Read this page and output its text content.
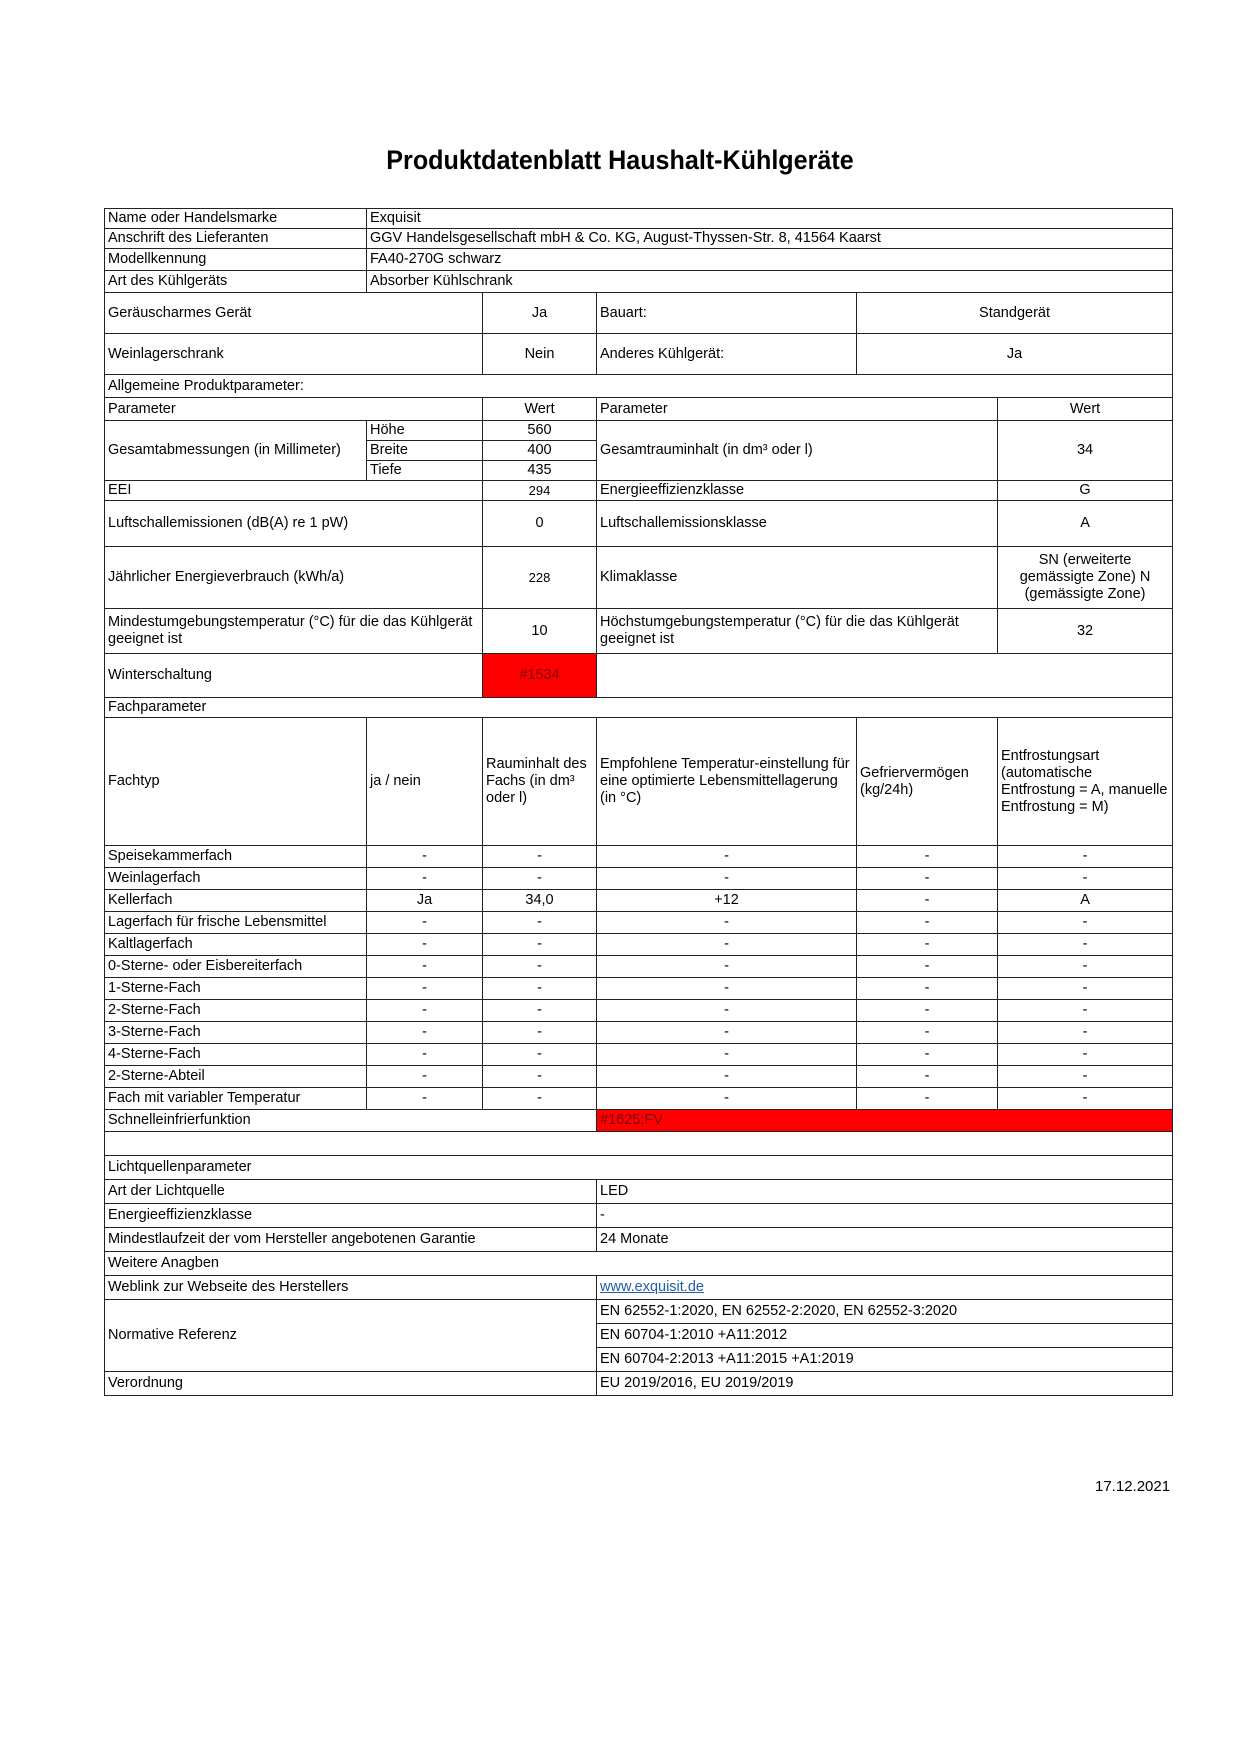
Produktdatenblatt Haushalt-Kühlgeräte
Name oder Handelsmarke	Exquisit				
Anschrift des Lieferanten	GGV Handelsgesellschaft mbH & Co. KG, August-Thyssen-Str. 8, 41564 Kaarst				
Modellkennung	FA40-270G schwarz				
Art des Kühlgeräts	Absorber Kühlschrank				
Geräuscharmes Gerät		Ja	Bauart:	Standgerät	
Weinlagerschrank		Nein	Anderes Kühlgerät:	Ja	
Allgemeine Produktparameter:					
Parameter		Wert	Parameter		Wert
Gesamtabmessungen (in Millimeter)	Höhe	560	Gesamtrauminhalt (in dm³ oder l)		34
	Breite	400			
	Tiefe	435			
EEI		294	Energieeffizienzklasse		G
Luftschallemissionen (dB(A) re 1 pW)		0	Luftschallemissionsklasse		A
Jährlicher Energieverbrauch (kWh/a)		228	Klimaklasse		SN (erweiterte gemässigte Zone) N (gemässigte Zone)
Mindestumgebungstemperatur (°C) für die das Kühlgerät geeignet ist		10	Höchstumgebungstemperatur (°C) für die das Kühlgerät geeignet ist		32
Winterschaltung		#1534			
Fachparameter					
Fachtyp	ja / nein	Rauminhalt des Fachs (in dm³ oder l)	Empfohlene Temperatur-einstellung für eine optimierte Lebensmittellagerung (in °C)	Gefriervermögen (kg/24h)	Entfrostungsart (automatische Entfrostung = A, manuelle Entfrostung = M)
Speisekammerfach	-	-	-	-	-
Weinlagerfach	-	-	-	-	-
Kellerfach	Ja	34,0	+12	-	A
Lagerfach für frische Lebensmittel	-	-	-	-	-
Kaltlagerfach	-	-	-	-	-
0-Sterne- oder Eisbereiterfach	-	-	-	-	-
1-Sterne-Fach	-	-	-	-	-
2-Sterne-Fach	-	-	-	-	-
3-Sterne-Fach	-	-	-	-	-
4-Sterne-Fach	-	-	-	-	-
2-Sterne-Abteil	-	-	-	-	-
Fach mit variabler Temperatur	-	-	-	-	-
Schnelleinfrierfunktion			#1625:FV		

Lichtquellenparameter					
Art der Lichtquelle			LED		
Energieeffizienzklasse			-		
Mindestlaufzeit der vom Hersteller angebotenen Garantie			24 Monate		
Weitere Anagben					
Weblink zur Webseite des Herstellers			www.exquisit.de		
Normative Referenz			EN 62552-1:2020, EN 62552-2:2020, EN 62552-3:2020		
			EN 60704-1:2010 +A11:2012		
			EN 60704-2:2013 +A11:2015 +A1:2019		
Verordnung			EU 2019/2016, EU 2019/2019		
17.12.2021
